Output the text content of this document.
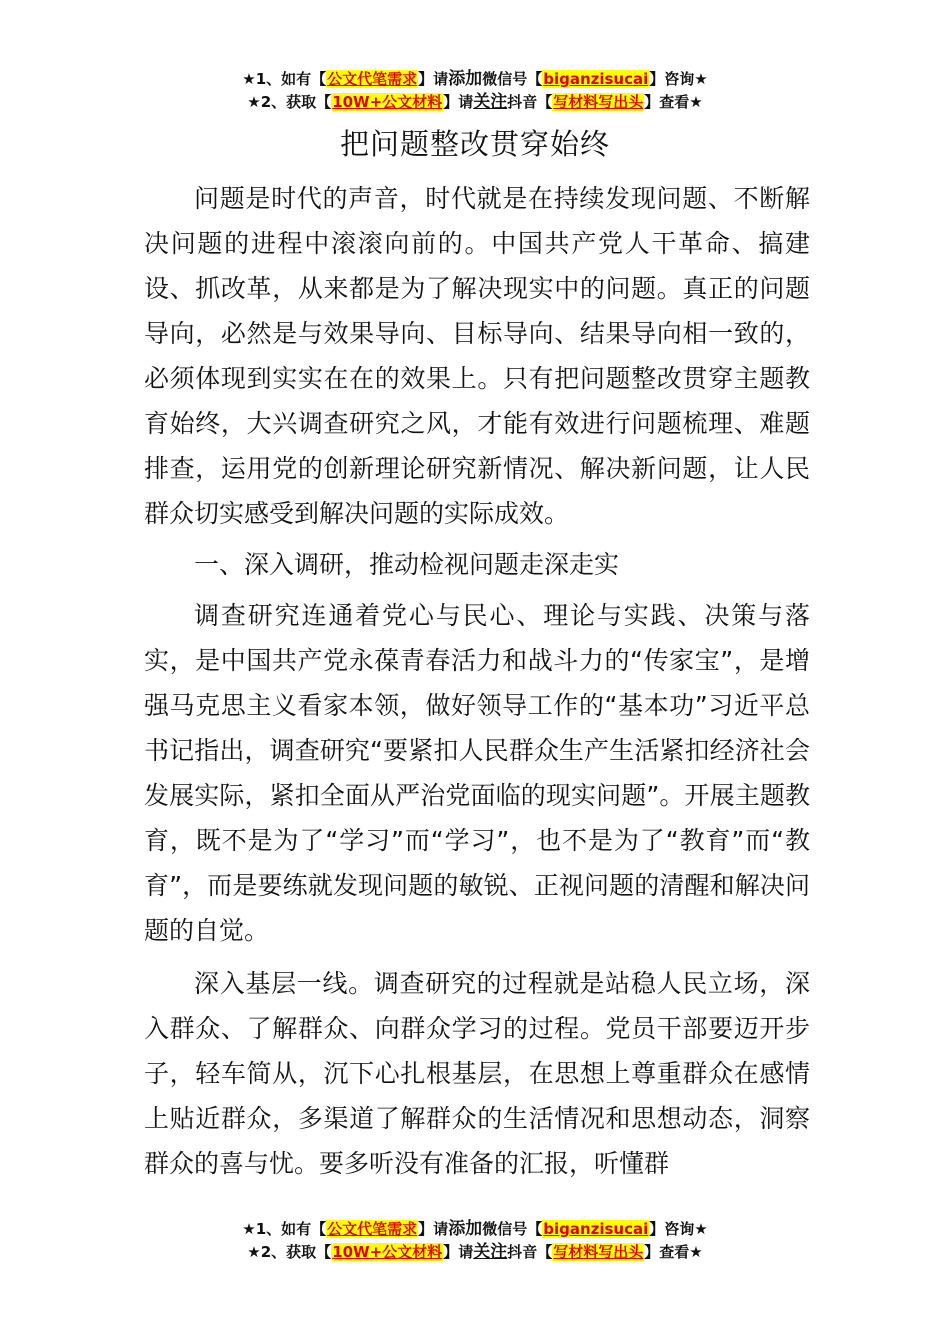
★1、如有【公文代笔需求】请添加微信号【biganzisucai】咨询★
★2、获取【10W+公文材料】请关注抖音【写材料写出头】查看★
把问题整改贯穿始终

问题是时代的声音，时代就是在持续发现问题、不断解决问题的进程中滚滚向前的。中国共产党人干革命、搞建设、抓改革，从来都是为了解决现实中的问题。真正的问题导向，必然是与效果导向、目标导向、结果导向相一致的，必须体现到实实在在的效果上。只有把问题整改贯穿主题教育始终，大兴调查研究之风，才能有效进行问题梳理、难题排查，运用党的创新理论研究新情况、解决新问题，让人民群众切实感受到解决问题的实际成效。

一、深入调研，推动检视问题走深走实

调查研究连通着党心与民心、理论与实践、决策与落实，是中国共产党永葆青春活力和战斗力的“传家宝”，是增强马克思主义看家本领，做好领导工作的“基本功”习近平总书记指出，调查研究“要紧扣人民群众生产生活紧扣经济社会发展实际，紧扣全面从严治党面临的现实问题”。开展主题教育，既不是为了“学习”而“学习”，也不是为了“教育”而“教育”，而是要练就发现问题的敏锐、正视问题的清醒和解决问题的自觉。

深入基层一线。调查研究的过程就是站稳人民立场，深入群众、了解群众、向群众学习的过程。党员干部要迈开步子，轻车简从，沉下心扎根基层，在思想上尊重群众在感情上贴近群众，多渠道了解群众的生活情况和思想动态，洞察群众的喜与忧。要多听没有准备的汇报，听懂群

★1、如有【公文代笔需求】请添加微信号【biganzisucai】咨询★
★2、获取【10W+公文材料】请关注抖音【写材料写出头】查看★
